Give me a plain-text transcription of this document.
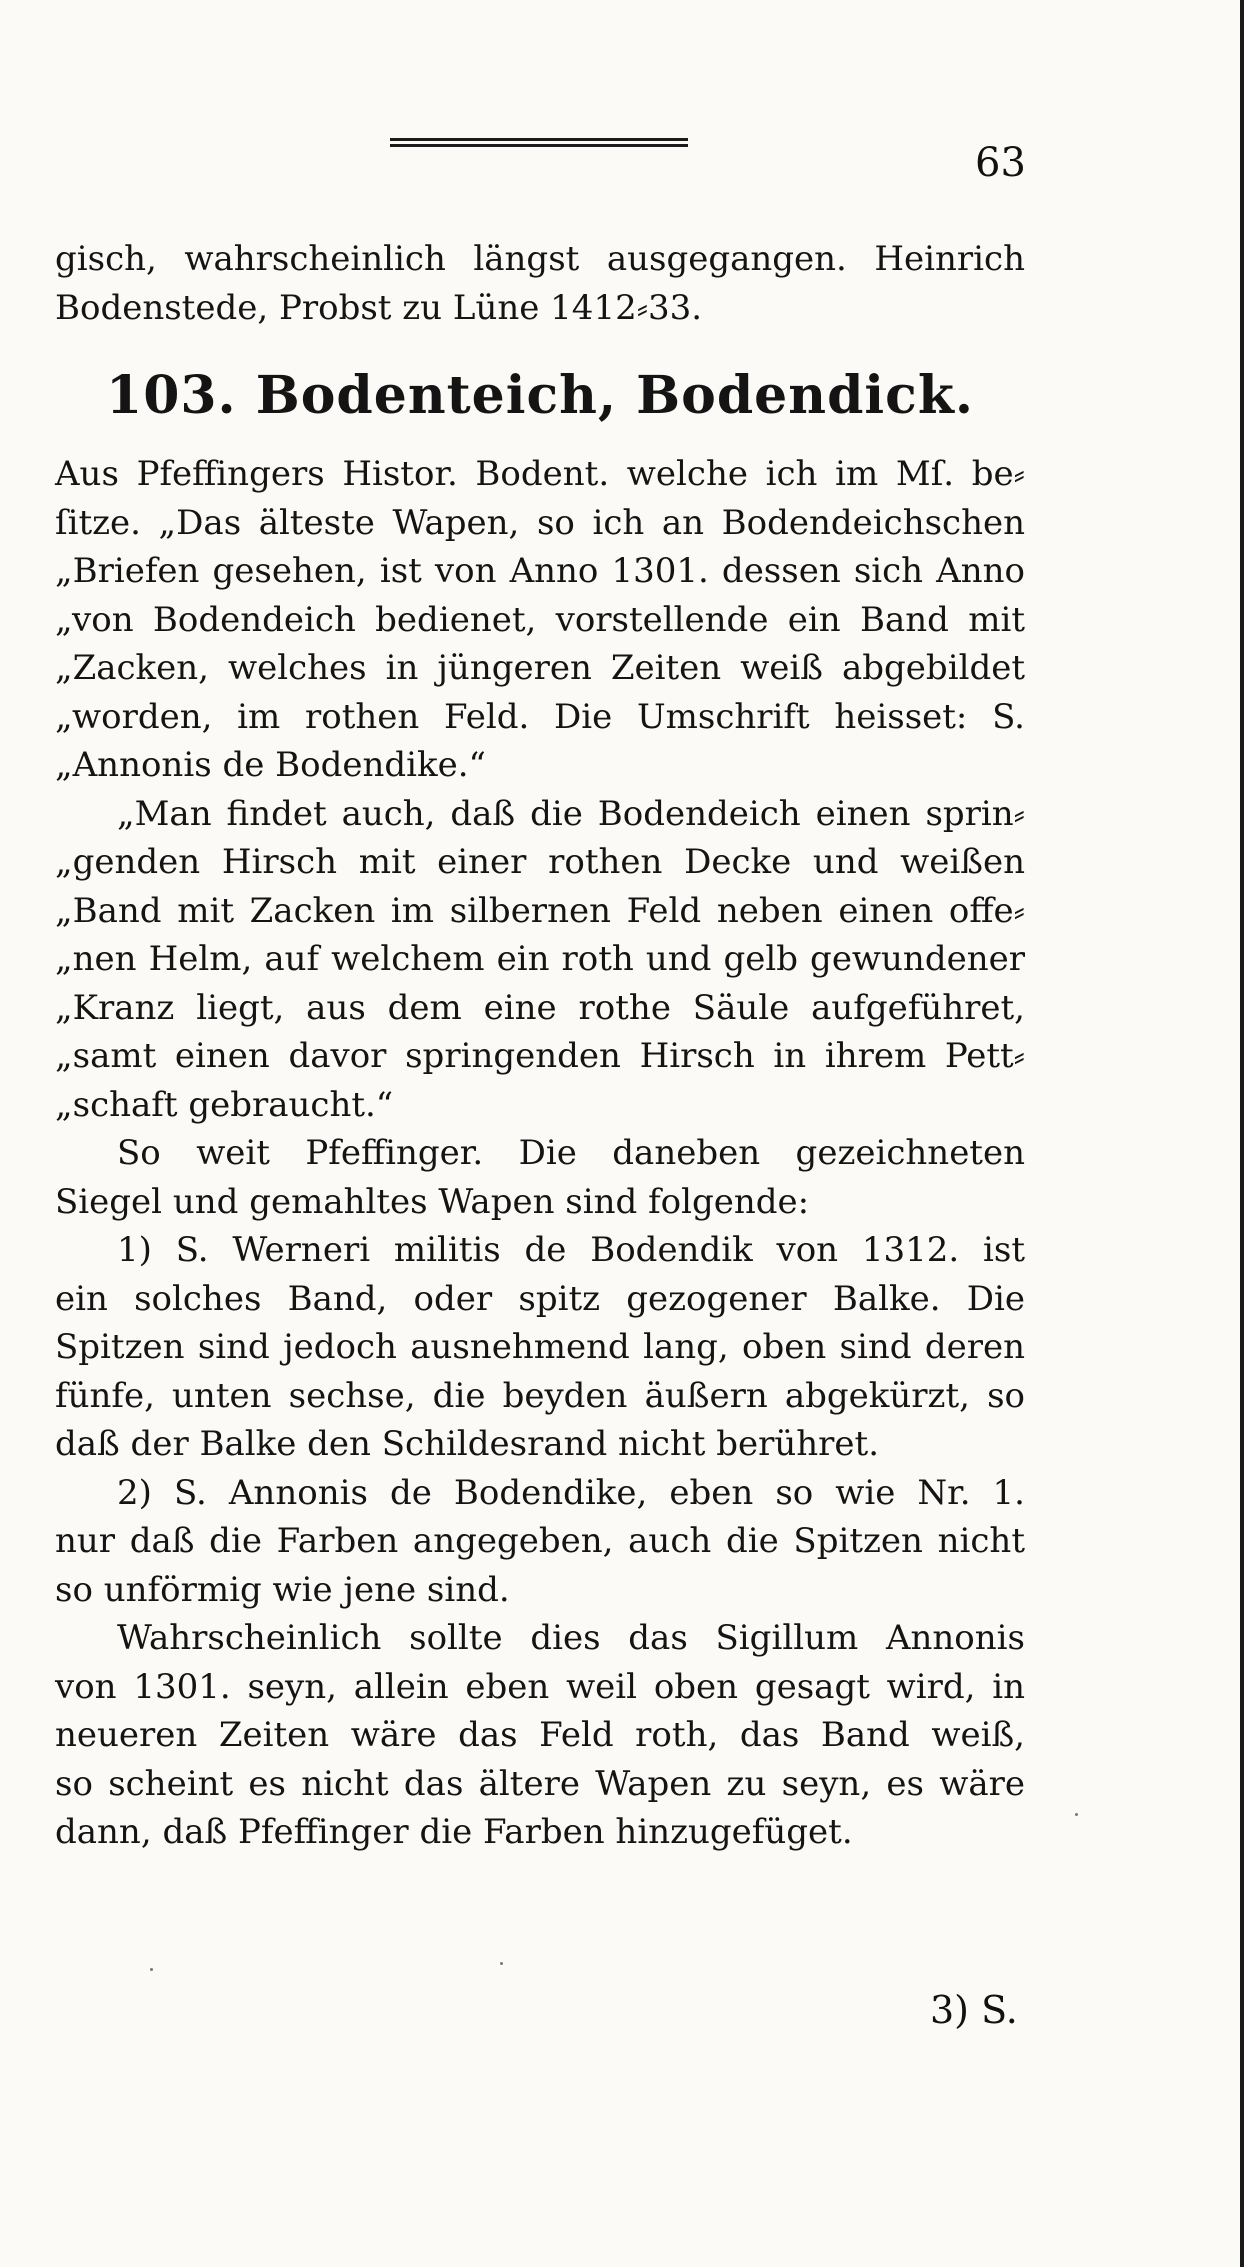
63
gisch, wahrscheinlich längst ausgegangen. Heinrich
Bodenstede, Probst zu Lüne 1412⸗33.
103. Bodenteich, Bodendick.
Aus Pfeffingers Histor. Bodent. welche ich im Mſ. be⸗
ſitze. „Das älteste Wapen, so ich an Bodendeichschen
„Briefen gesehen, ist von Anno 1301. dessen sich Anno
„von Bodendeich bedienet, vorstellende ein Band mit
„Zacken, welches in jüngeren Zeiten weiß abgebildet
„worden, im rothen Feld. Die Umschrift heisset: S.
„Annonis de Bodendike.“
„Man findet auch, daß die Bodendeich einen sprin⸗
„genden Hirsch mit einer rothen Decke und weißen
„Band mit Zacken im silbernen Feld neben einen offe⸗
„nen Helm, auf welchem ein roth und gelb gewundener
„Kranz liegt, aus dem eine rothe Säule aufgeführet,
„samt einen davor springenden Hirsch in ihrem Pett⸗
„schaft gebraucht.“
So weit Pfeffinger. Die daneben gezeichneten
Siegel und gemahltes Wapen sind folgende:
1) S. Werneri militis de Bodendik von 1312. ist
ein solches Band, oder spitz gezogener Balke. Die
Spitzen sind jedoch ausnehmend lang, oben sind deren
fünfe, unten sechse, die beyden äußern abgekürzt, so
daß der Balke den Schildesrand nicht berühret.
2) S. Annonis de Bodendike, eben so wie Nr. 1.
nur daß die Farben angegeben, auch die Spitzen nicht
so unförmig wie jene sind.
Wahrscheinlich sollte dies das Sigillum Annonis
von 1301. seyn, allein eben weil oben gesagt wird, in
neueren Zeiten wäre das Feld roth, das Band weiß,
so scheint es nicht das ältere Wapen zu seyn, es wäre
dann, daß Pfeffinger die Farben hinzugefüget.
3) S.
